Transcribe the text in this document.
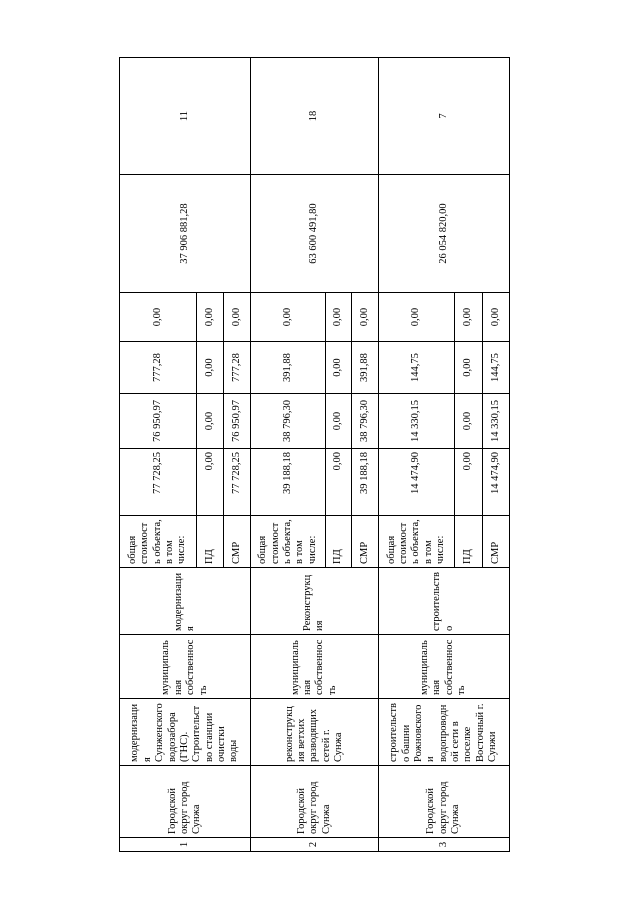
1	Городской округ город Сунжа	модернизация Сунженского водозабора (ГНС). Строительство станции очистки воды	муниципальная собственность	модернизация	общая стоимость объекта, в том числе:	77 728,25	76 950,97	777,28	0,00	37 906 881,28	11
					ПД	0,00	0,00	0,00	0,00		
					СМР	77 728,25	76 950,97	777,28	0,00		
2	Городской округ город Сунжа	реконструкция ветхих разводящих сетей г. Сунжа	муниципальная собственность	Реконструкция	общая стоимость объекта, в том числе:	39 188,18	38 796,30	391,88	0,00	63 600 491,80	18
					ПД	0,00	0,00	0,00	0,00		
					СМР	39 188,18	38 796,30	391,88	0,00		
3	Городской округ город Сунжа	строительство башни Рожновского и водопроводной сети в поселке Восточный г. Сунжи	муниципальная собственность	строительство	общая стоимость объекта, в том числе:	14 474,90	14 330,15	144,75	0,00	26 054 820,00	7
					ПД	0,00	0,00	0,00	0,00		
					СМР	14 474,90	14 330,15	144,75	0,00		
